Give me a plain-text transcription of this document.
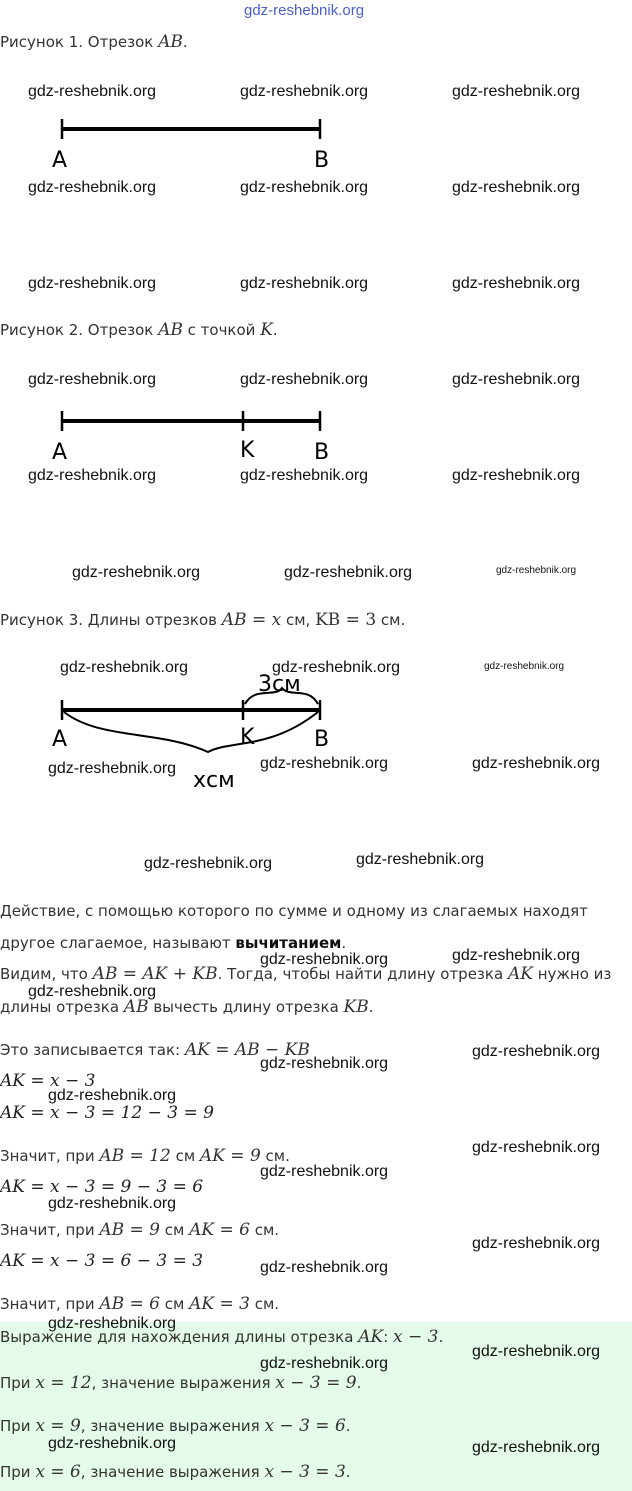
gdz-reshebnik.org
Рисунок 1. Отрезок AB.
A	B
Рисунок 2. Отрезок AB с точкой K.
A	K	B
Рисунок 3. Длины отрезков AB = x см, KB = 3 см.
3см
A	K	B
хсм
Действие, с помощью которого по сумме и одному из слагаемых находят
другое слагаемое, называют вычитанием.
Видим, что AB = AK + KB. Тогда, чтобы найти длину отрезка AK нужно из
длины отрезка AB вычесть длину отрезка KB.
Это записывается так: AK = AB − KB
AK = x − 3
AK = x − 3 = 12 − 3 = 9
Значит, при AB = 12 см AK = 9 см.
AK = x − 3 = 9 − 3 = 6
Значит, при AB = 9 см AK = 6 см.
AK = x − 3 = 6 − 3 = 3
Значит, при AB = 6 см AK = 3 см.
Выражение для нахождения длины отрезка AK: x − 3.
При x = 12, значение выражения x − 3 = 9.
При x = 9, значение выражения x − 3 = 6.
При x = 6, значение выражения x − 3 = 3.
gdz-reshebnik.org	gdz-reshebnik.org	gdz-reshebnik.org
gdz-reshebnik.org	gdz-reshebnik.org	gdz-reshebnik.org
gdz-reshebnik.org	gdz-reshebnik.org	gdz-reshebnik.org
gdz-reshebnik.org	gdz-reshebnik.org	gdz-reshebnik.org
gdz-reshebnik.org	gdz-reshebnik.org	gdz-reshebnik.org
gdz-reshebnik.org	gdz-reshebnik.org	gdz-reshebnik.org
gdz-reshebnik.org	gdz-reshebnik.org	gdz-reshebnik.org
gdz-reshebnik.org	gdz-reshebnik.org	gdz-reshebnik.org
gdz-reshebnik.org	gdz-reshebnik.org
gdz-reshebnik.org	gdz-reshebnik.org
gdz-reshebnik.org
gdz-reshebnik.org
gdz-reshebnik.org
gdz-reshebnik.org
gdz-reshebnik.org
gdz-reshebnik.org
gdz-reshebnik.org
gdz-reshebnik.org
gdz-reshebnik.org
gdz-reshebnik.org
gdz-reshebnik.org
gdz-reshebnik.org
gdz-reshebnik.org	gdz-reshebnik.org
